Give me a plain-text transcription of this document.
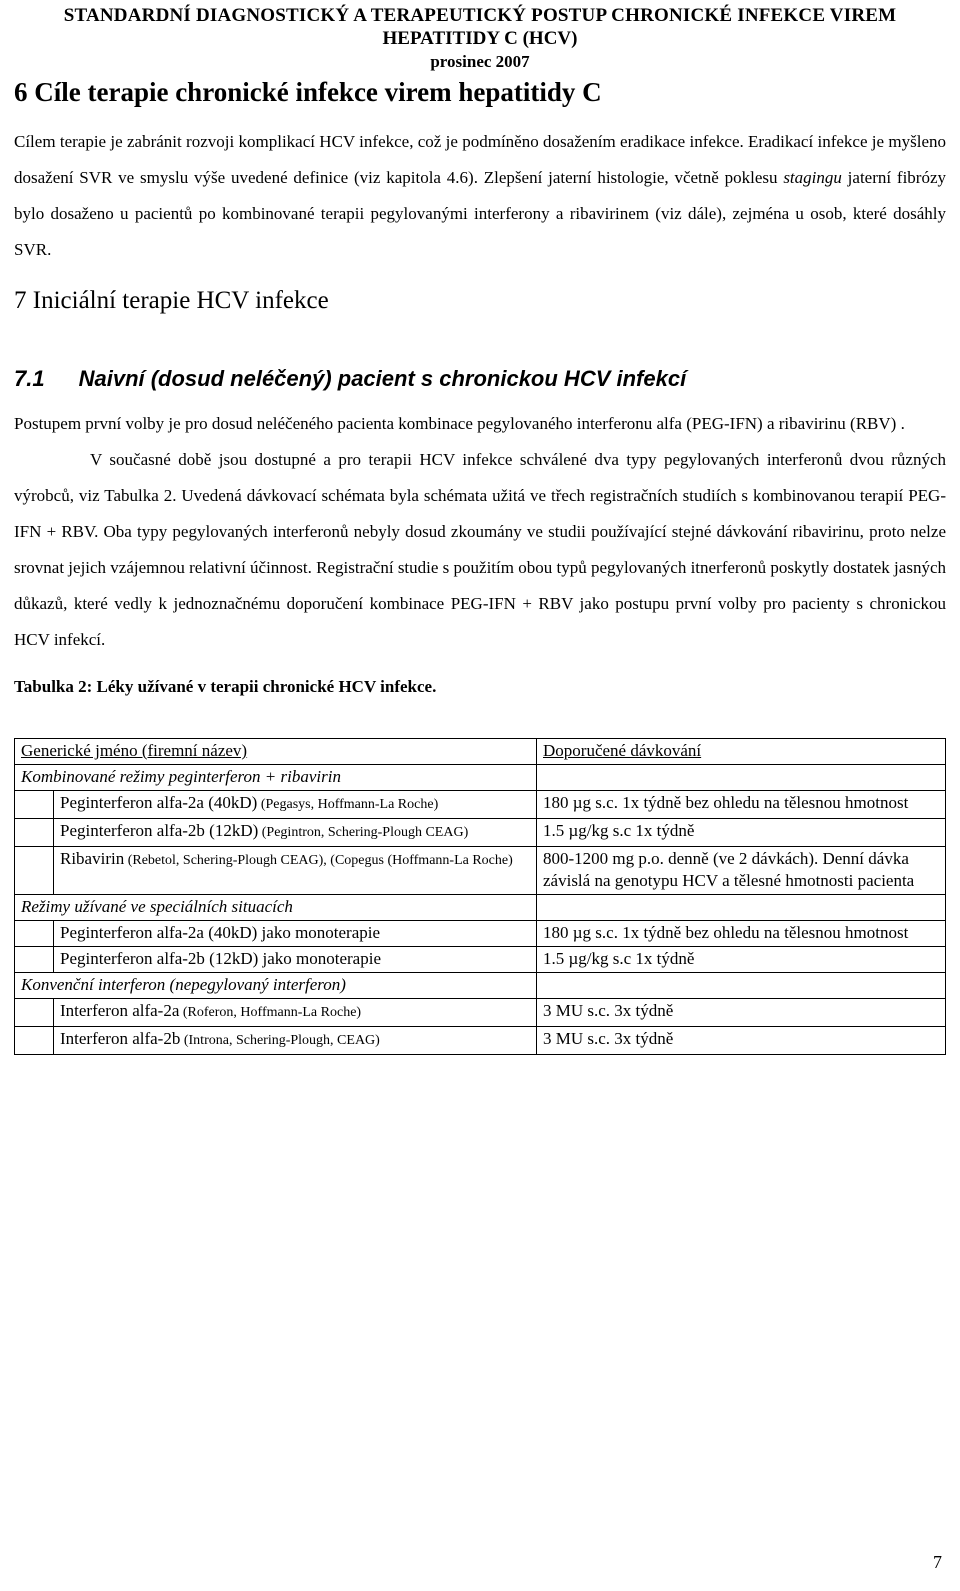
STANDARDNÍ DIAGNOSTICKÝ A TERAPEUTICKÝ POSTUP CHRONICKÉ INFEKCE VIREM
HEPATITIDY C (HCV)
prosinec 2007
6 Cíle terapie chronické infekce virem hepatitidy C

Cílem terapie je zabránit rozvoji komplikací HCV infekce, což je podmíněno dosažením eradikace infekce. Eradikací infekce je myšleno dosažení SVR ve smyslu výše uvedené definice (viz kapitola 4.6). Zlepšení jaterní histologie, včetně poklesu stagingu jaterní fibrózy bylo dosaženo u pacientů po kombinované terapii pegylovanými interferony a ribavirinem (viz dále), zejména u osob, které dosáhly SVR.

7 Iniciální terapie HCV infekce
7.1 Naivní (dosud neléčený) pacient s chronickou HCV infekcí

Postupem první volby je pro dosud neléčeného pacienta kombinace pegylovaného interferonu alfa (PEG-IFN) a ribavirinu (RBV) .

V současné době jsou dostupné a pro terapii HCV infekce schválené dva typy pegylovaných interferonů dvou různých výrobců, viz Tabulka 2. Uvedená dávkovací schémata byla schémata užitá ve třech registračních studiích s kombinovanou terapií PEG-IFN + RBV. Oba typy pegylovaných interferonů nebyly dosud zkoumány ve studii používající stejné dávkování ribavirinu, proto nelze srovnat jejich vzájemnou relativní účinnost. Registrační studie s použitím obou typů pegylovaných itnerferonů poskytly dostatek jasných důkazů, které vedly k jednoznačnému doporučení kombinace PEG-IFN + RBV jako postupu první volby pro pacienty s chronickou HCV infekcí.

Tabulka 2: Léky užívané v terapii chronické HCV infekce.
Generické jméno (firemní název)		Doporučené dávkování
Kombinované režimy peginterferon + ribavirin		
	Peginterferon alfa-2a (40kD) (Pegasys, Hoffmann-La Roche)	180 µg s.c. 1x týdně bez ohledu na tělesnou hmotnost
	Peginterferon alfa-2b (12kD) (Pegintron, Schering-Plough CEAG)	1.5 µg/kg s.c 1x týdně
	Ribavirin (Rebetol, Schering-Plough CEAG), (Copegus (Hoffmann-La Roche)	800-1200 mg p.o. denně (ve 2 dávkách). Denní dávka závislá na genotypu HCV a tělesné hmotnosti pacienta
Režimy užívané ve speciálních situacích		
	Peginterferon alfa-2a (40kD) jako monoterapie	180 µg s.c. 1x týdně bez ohledu na tělesnou hmotnost
	Peginterferon alfa-2b (12kD) jako monoterapie	1.5 µg/kg s.c 1x týdně
Konvenční interferon (nepegylovaný interferon)		
	Interferon alfa-2a (Roferon, Hoffmann-La Roche)	3 MU s.c. 3x týdně
	Interferon alfa-2b (Introna, Schering-Plough, CEAG)	3 MU s.c. 3x týdně
7
